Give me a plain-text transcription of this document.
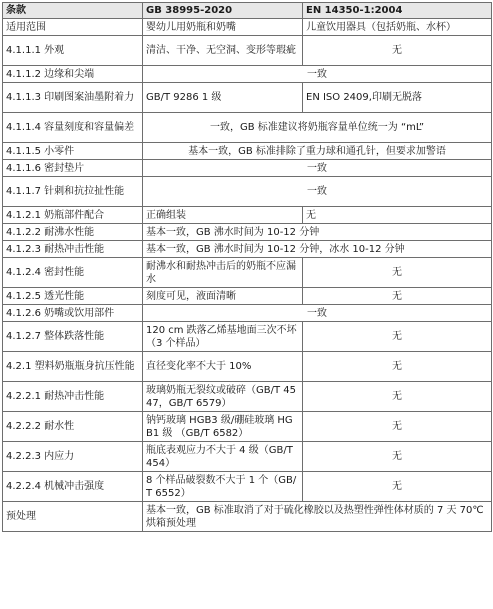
条款	GB 38995-2020	EN 14350-1:2004
适用范围	婴幼儿用奶瓶和奶嘴	儿童饮用器具（包括奶瓶、水杯）
4.1.1.1 外观	清洁、干净、无空洞、变形等瑕疵	无
4.1.1.2 边缘和尖端	一致	
4.1.1.3 印刷图案油墨附着力	GB/T 9286 1 级	EN ISO 2409,印刷无脱落
4.1.1.4 容量刻度和容量偏差	一致，GB 标准建议将奶瓶容量单位统一为 “mL”	
4.1.1.5 小零件	基本一致，GB 标准排除了重力球和通孔针，但要求加警语	
4.1.1.6 密封垫片	一致	
4.1.1.7 针刺和抗拉扯性能	一致	
4.1.2.1 奶瓶部件配合	正确组装	无
4.1.2.2 耐沸水性能	基本一致，GB 沸水时间为 10-12 分钟	
4.1.2.3 耐热冲击性能	基本一致，GB 沸水时间为 10-12 分钟，冰水 10-12 分钟	
4.1.2.4 密封性能	耐沸水和耐热冲击后的奶瓶不应漏水	无
4.1.2.5 透光性能	刻度可见，液面清晰	无
4.1.2.6 奶嘴或饮用部件	一致	
4.1.2.7 整体跌落性能	120 cm 跌落乙烯基地面三次不坏（3 个样品）	无
4.2.1 塑料奶瓶瓶身抗压性能	直径变化率不大于 10%	无
4.2.2.1 耐热冲击性能	玻璃奶瓶无裂纹或破碎（GB/T 4547，GB/T 6579）	无
4.2.2.2 耐水性	钠钙玻璃 HGB3 级/硼硅玻璃 HGB1 级 （GB/T 6582）	无
4.2.2.3 内应力	瓶底表观应力不大于 4 级（GB/T 454）	无
4.2.2.4 机械冲击强度	8 个样品破裂数不大于 1 个（GB/T 6552）	无
预处理	基本一致，GB 标准取消了对于硫化橡胶以及热塑性弹性体材质的 7 天 70℃烘箱预处理	
